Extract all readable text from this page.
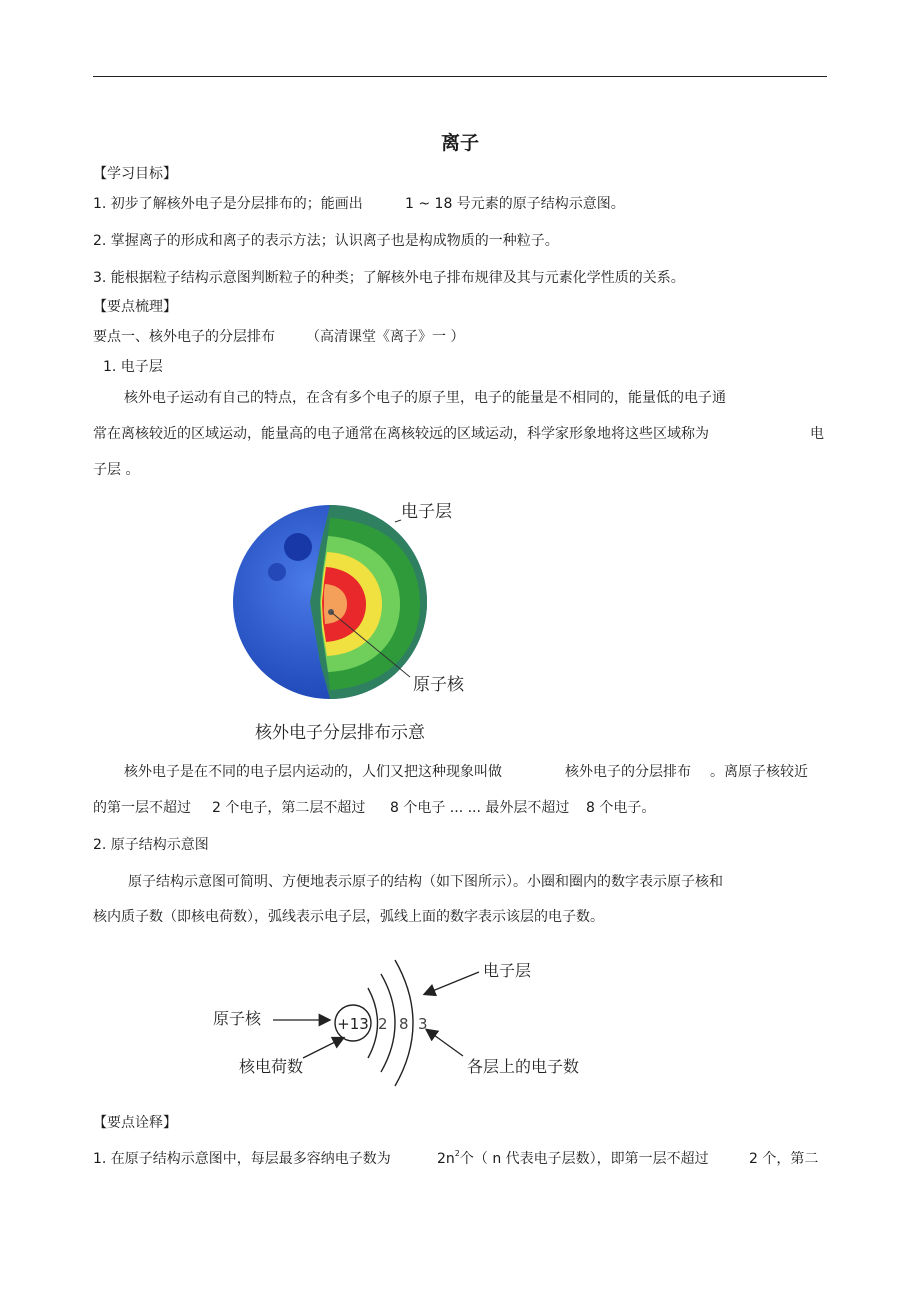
离子
【学习目标】
1. 初步了解核外电子是分层排布的；能画出	1 ~ 18 号元素的原子结构示意图。
2. 掌握离子的形成和离子的表示方法；认识离子也是构成物质的一种粒子。
3. 能根据粒子结构示意图判断粒子的种类；了解核外电子排布规律及其与元素化学性质的关系。
【要点梳理】
要点一、核外电子的分层排布 （高清课堂《离子》一 ）
1. 电子层
核外电子运动有自己的特点，在含有多个电子的原子里，电子的能量是不相同的，能量低的电子通
常在离核较近的区域运动，能量高的电子通常在离核较远的区域运动，科学家形象地将这些区域称为	电
子层 。
电子层
原子核
核外电子分层排布示意
核外电子是在不同的电子层内运动的，人们又把这种现象叫做	核外电子的分层排布 。离原子核较近
的第一层不超过 2 个电子，第二层不超过 8 个电子 ... ... 最外层不超过 8 个电子。
2. 原子结构示意图
原子结构示意图可简明、方便地表示原子的结构（如下图所示）。小圈和圈内的数字表示原子核和
核内质子数（即核电荷数），弧线表示电子层，弧线上面的数字表示该层的电子数。
+13 2 8 3
原子核
核电荷数
电子层
各层上的电子数
【要点诠释】
1. 在原子结构示意图中，每层最多容纳电子数为	$2n^2$个（ n 代表电子层数），即第一层不超过	2 个，第二
